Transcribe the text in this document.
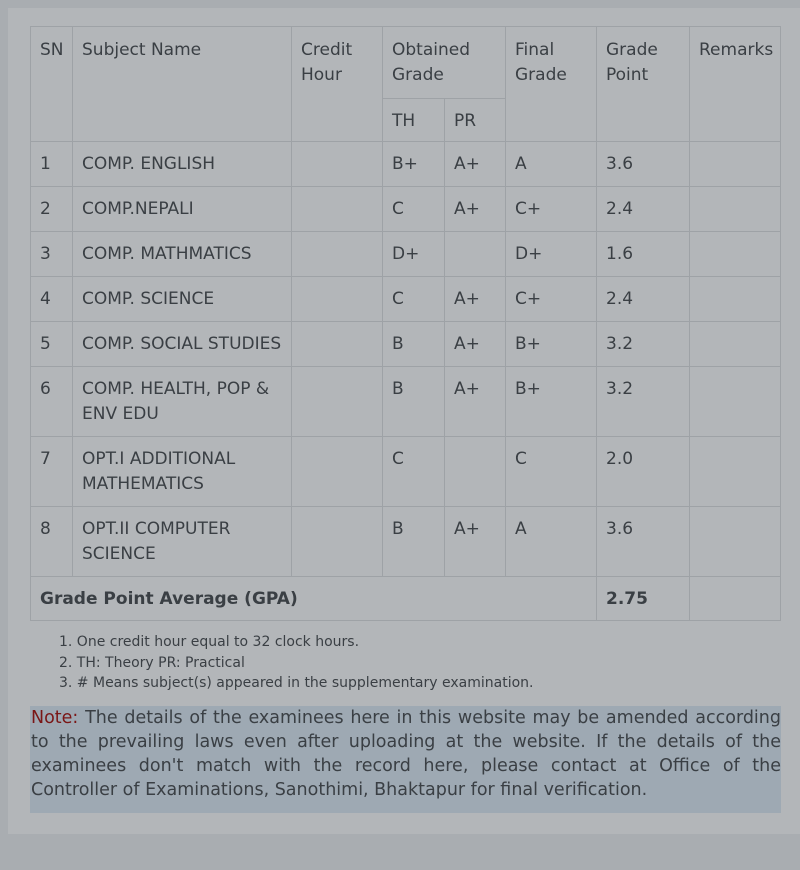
SN	Subject Name	Credit Hour	Obtained Grade		Final Grade	Grade Point	Remarks
			TH	PR			
1	COMP. ENGLISH		B+	A+	A	3.6	
2	COMP.NEPALI		C	A+	C+	2.4	
3	COMP. MATHMATICS		D+		D+	1.6	
4	COMP. SCIENCE		C	A+	C+	2.4	
5	COMP. SOCIAL STUDIES		B	A+	B+	3.2	
6	COMP. HEALTH, POP & ENV EDU		B	A+	B+	3.2	
7	OPT.I ADDITIONAL MATHEMATICS		C		C	2.0	
8	OPT.II COMPUTER SCIENCE		B	A+	A	3.6	
Grade Point Average (GPA)						2.75	
1. One credit hour equal to 32 clock hours.
2. TH: Theory PR: Practical
3. # Means subject(s) appeared in the supplementary examination.
Note: The details of the examinees here in this website may be amended according to the prevailing laws even after uploading at the website. If the details of the examinees don't match with the record here, please contact at Office of the Controller of Examinations, Sanothimi, Bhaktapur for final verification.
